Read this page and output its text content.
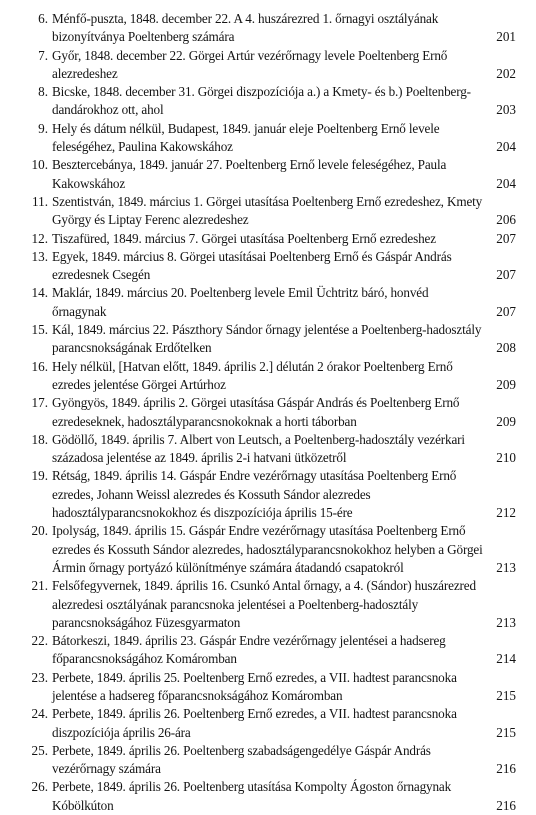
6. Ménfő-puszta, 1848. december 22. A 4. huszárezred 1. őrnagyi osztályának bizonyítványa Poeltenberg számára	201
7. Győr, 1848. december 22. Görgei Artúr vezérőrnagy levele Poeltenberg Ernő alezredeshez	202
8. Bicske, 1848. december 31. Görgei diszpozíciója a.) a Kmety- és b.) Poeltenberg-dandárokhoz ott, ahol	203
9. Hely és dátum nélkül, Budapest, 1849. január eleje Poeltenberg Ernő levele feleségéhez, Paulina Kakowskához	204
10. Besztercebánya, 1849. január 27. Poeltenberg Ernő levele feleségéhez, Paula Kakowskához	204
11. Szentistván, 1849. március 1. Görgei utasítása Poeltenberg Ernő ezredeshez, Kmety György és Liptay Ferenc alezredeshez	206
12. Tiszafüred, 1849. március 7. Görgei utasítása Poeltenberg Ernő ezredeshez	207
13. Egyek, 1849. március 8. Görgei utasításai Poeltenberg Ernő és Gáspár András ezredesnek Csegén	207
14. Maklár, 1849. március 20. Poeltenberg levele Emil Üchtritz báró, honvéd őrnagynak	207
15. Kál, 1849. március 22. Pászthory Sándor őrnagy jelentése a Poeltenberg-hadosztály parancsnokságának Erdőtelken	208
16. Hely nélkül, [Hatvan előtt, 1849. április 2.] délután 2 órakor Poeltenberg Ernő ezredes jelentése Görgei Artúrhoz	209
17. Gyöngyös, 1849. április 2. Görgei utasítása Gáspár András és Poeltenberg Ernő ezredeseknek, hadosztályparancsnokoknak a horti táborban	209
18. Gödöllő, 1849. április 7. Albert von Leutsch, a Poeltenberg-hadosztály vezérkari századosa jelentése az 1849. április 2-i hatvani ütközetről	210
19. Rétság, 1849. április 14. Gáspár Endre vezérőrnagy utasítása Poeltenberg Ernő ezredes, Johann Weissl alezredes és Kossuth Sándor alezredes hadosztályparancsnokokhoz és diszpozíciója április 15-ére	212
20. Ipolyság, 1849. április 15. Gáspár Endre vezérőrnagy utasítása Poeltenberg Ernő ezredes és Kossuth Sándor alezredes, hadosztályparancsnokokhoz helyben a Görgei Ármin őrnagy portyázó különítménye számára átadandó csapatokról	213
21. Felsőfegyvernek, 1849. április 16. Csunkó Antal őrnagy, a 4. (Sándor) huszárezred alezredesi osztályának parancsnoka jelentései a Poeltenberg-hadosztály parancsnokságához Füzesgyarmaton	213
22. Bátorkeszi, 1849. április 23. Gáspár Endre vezérőrnagy jelentései a hadsereg főparancsnokságához Komáromban	214
23. Perbete, 1849. április 25. Poeltenberg Ernő ezredes, a VII. hadtest parancsnoka jelentése a hadsereg főparancsnokságához Komáromban	215
24. Perbete, 1849. április 26. Poeltenberg Ernő ezredes, a VII. hadtest parancsnoka diszpozíciója április 26-ára	215
25. Perbete, 1849. április 26. Poeltenberg szabadságengedélye Gáspár András vezérőrnagy számára	216
26. Perbete, 1849. április 26. Poeltenberg utasítása Kompolty Ágoston őrnagynak Kóbölkúton	216
